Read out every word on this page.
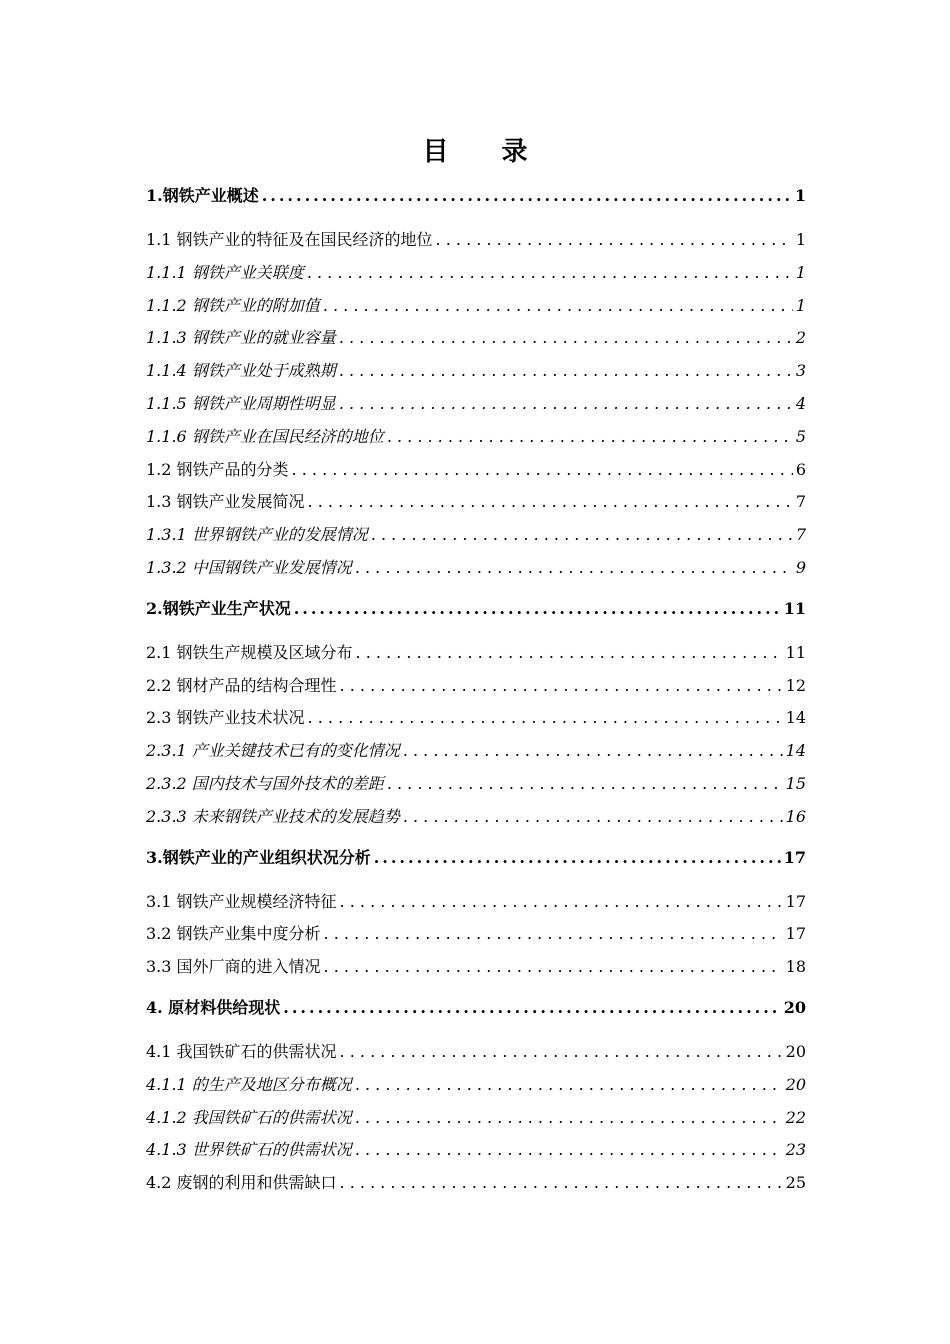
目 录
1.钢铁产业概述 .....	1
1.1 钢铁产业的特征及在国民经济的地位 . . .	1
1.1.1 钢铁产业关联度 . . .	1
1.1.2 钢铁产业的附加值 . . .	1
1.1.3 钢铁产业的就业容量 . . .	2
1.1.4 钢铁产业处于成熟期 . . .	3
1.1.5 钢铁产业周期性明显 . . .	4
1.1.6 钢铁产业在国民经济的地位 . . .	5
1.2 钢铁产品的分类 . . .	6
1.3 钢铁产业发展简况 . . .	7
1.3.1 世界钢铁产业的发展情况 . . .	7
1.3.2 中国钢铁产业发展情况 . . .	9
2.钢铁产业生产状况 .....	11
2.1 钢铁生产规模及区域分布 . . .	11
2.2 钢材产品的结构合理性 . . .	12
2.3 钢铁产业技术状况 . . .	14
2.3.1 产业关键技术已有的变化情况 . . .	14
2.3.2 国内技术与国外技术的差距 . . .	15
2.3.3 未来钢铁产业技术的发展趋势 . . .	16
3.钢铁产业的产业组织状况分析 .....	17
3.1 钢铁产业规模经济特征 . . .	17
3.2 钢铁产业集中度分析 . . .	17
3.3 国外厂商的进入情况 . . .	18
4. 原材料供给现状 .....	20
4.1 我国铁矿石的供需状况 . . .	20
4.1.1 的生产及地区分布概况 . . .	20
4.1.2 我国铁矿石的供需状况 . . .	22
4.1.3 世界铁矿石的供需状况 . . .	23
4.2 废钢的利用和供需缺口 . . .	25
